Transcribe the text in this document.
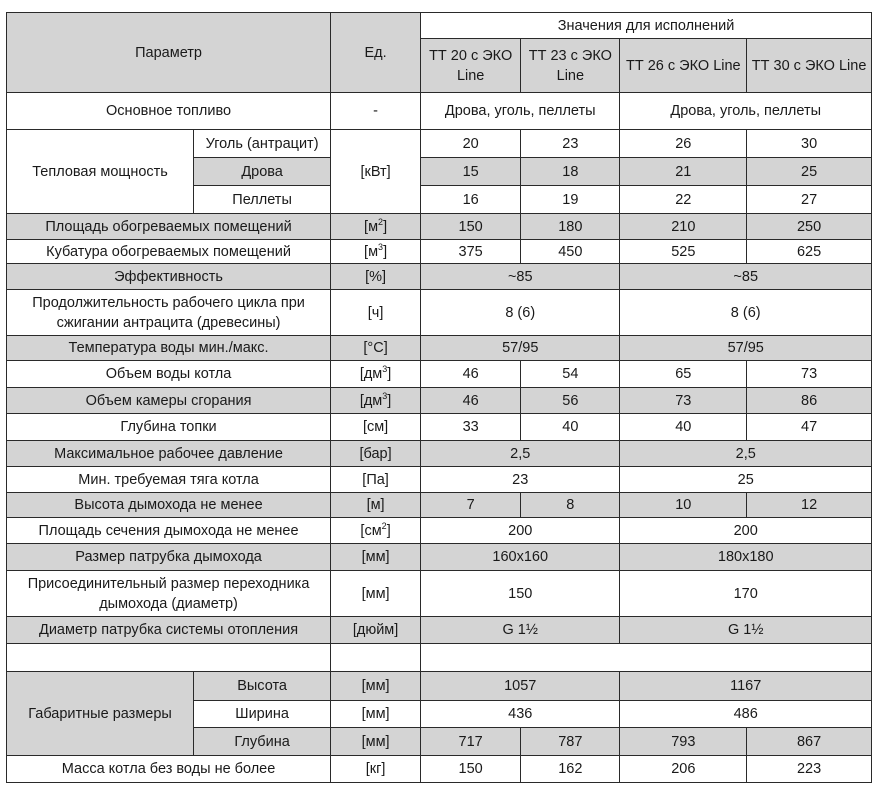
Параметр		Ед.	Значения для исполнений			
			ТТ 20 с ЭКО Line	ТТ 23 с ЭКО Line	ТТ 26 с ЭКО Line	ТТ 30 с ЭКО Line
Основное топливо		-	Дрова, уголь, пеллеты		Дрова, уголь, пеллеты	
Тепловая мощность	Уголь (антрацит)	[кВт]	20	23	26	30
	Дрова		15	18	21	25
	Пеллеты		16	19	22	27
Площадь обогреваемых помещений		$[м^2]$	150	180	210	250
Кубатура обогреваемых помещений		$[м^3]$	375	450	525	625
Эффективность		[%]	~85		~85	
Продолжительность рабочего цикла при сжигании антрацита (древесины)		[ч]	8 (6)		8 (6)	
Температура воды мин./макс.		[°C]	57/95		57/95	
Объем воды котла		$[дм^3]$	46	54	65	73
Объем камеры сгорания		$[дм^3]$	46	56	73	86
Глубина топки		[см]	33	40	40	47
Максимальное рабочее давление		[бар]	2,5		2,5	
Мин. требуемая тяга котла		[Па]	23		25	
Высота дымохода не менее		[м]	7	8	10	12
Площадь сечения дымохода не менее		$[см^2]$	200		200	
Размер патрубка дымохода		[мм]	160x160		180x180	
Присоединительный размер переходника дымохода (диаметр)		[мм]	150		170	
Диаметр патрубка системы отопления		[дюйм]	G 1½		G 1½	

Габаритные размеры	Высота	[мм]	1057		1167	
	Ширина	[мм]	436		486	
	Глубина	[мм]	717	787	793	867
Масса котла без воды не более		[кг]	150	162	206	223
